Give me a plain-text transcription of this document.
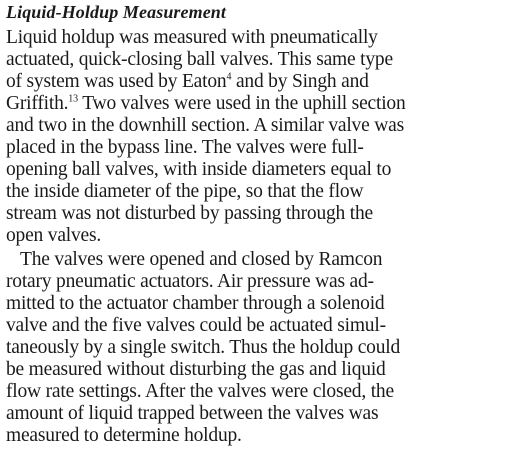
Liquid-Holdup Measurement
Liquid holdup was measured with pneumatically
actuated, quick-closing ball valves. This same type
of system was used by Eaton$^4$ and by Singh and
Griffith.$^{13}$ Two valves were used in the uphill section
and two in the downhill section. A similar valve was
placed in the bypass line. The valves were full-
opening ball valves, with inside diameters equal to
the inside diameter of the pipe, so that the flow
stream was not disturbed by passing through the
open valves.
The valves were opened and closed by Ramcon
rotary pneumatic actuators. Air pressure was ad-
mitted to the actuator chamber through a solenoid
valve and the five valves could be actuated simul-
taneously by a single switch. Thus the holdup could
be measured without disturbing the gas and liquid
flow rate settings. After the valves were closed, the
amount of liquid trapped between the valves was
measured to determine holdup.
